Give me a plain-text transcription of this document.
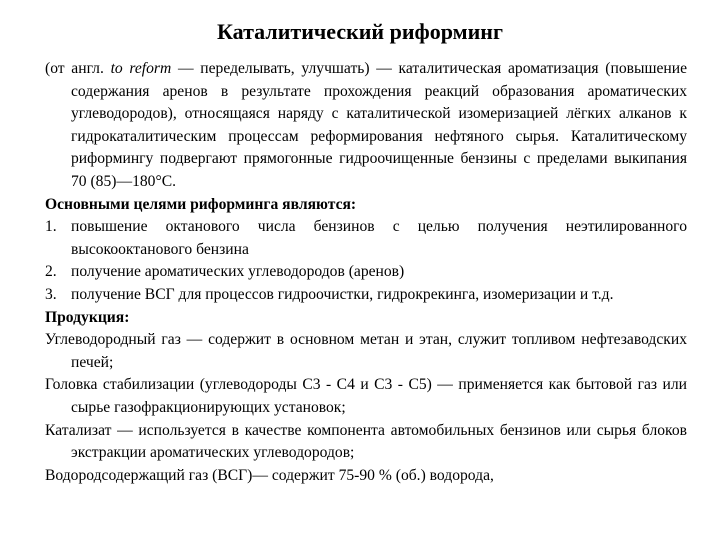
Каталитический риформинг

(от англ. to reform — переделывать, улучшать) — каталитическая ароматизация (повышение содержания аренов в результате прохождения реакций образования ароматических углеводородов), относящаяся наряду с каталитической изомеризацией лёгких алканов к гидрокаталитическим процессам реформирования нефтяного сырья. Каталитическому риформингу подвергают прямогонные гидроочищенные бензины с пределами выкипания 70 (85)—180°С.

Основными целями риформинга являются:

1. повышение октанового числа бензинов с целью получения неэтилированного высокооктанового бензина

2. получение ароматических углеводородов (аренов)

3. получение ВСГ для процессов гидроочистки, гидрокрекинга, изомеризации и т.д.

Продукция:

Углеводородный газ — содержит в основном метан и этан, служит топливом нефтезаводских печей;

Головка стабилизации (углеводороды С3 - С4 и С3 - С5) — применяется как бытовой газ или сырье газофракционирующих установок;

Катализат — используется в качестве компонента автомобильных бензинов или сырья блоков экстракции ароматических углеводородов;

Водородсодержащий газ (ВСГ)— содержит 75-90 % (об.) водорода,
